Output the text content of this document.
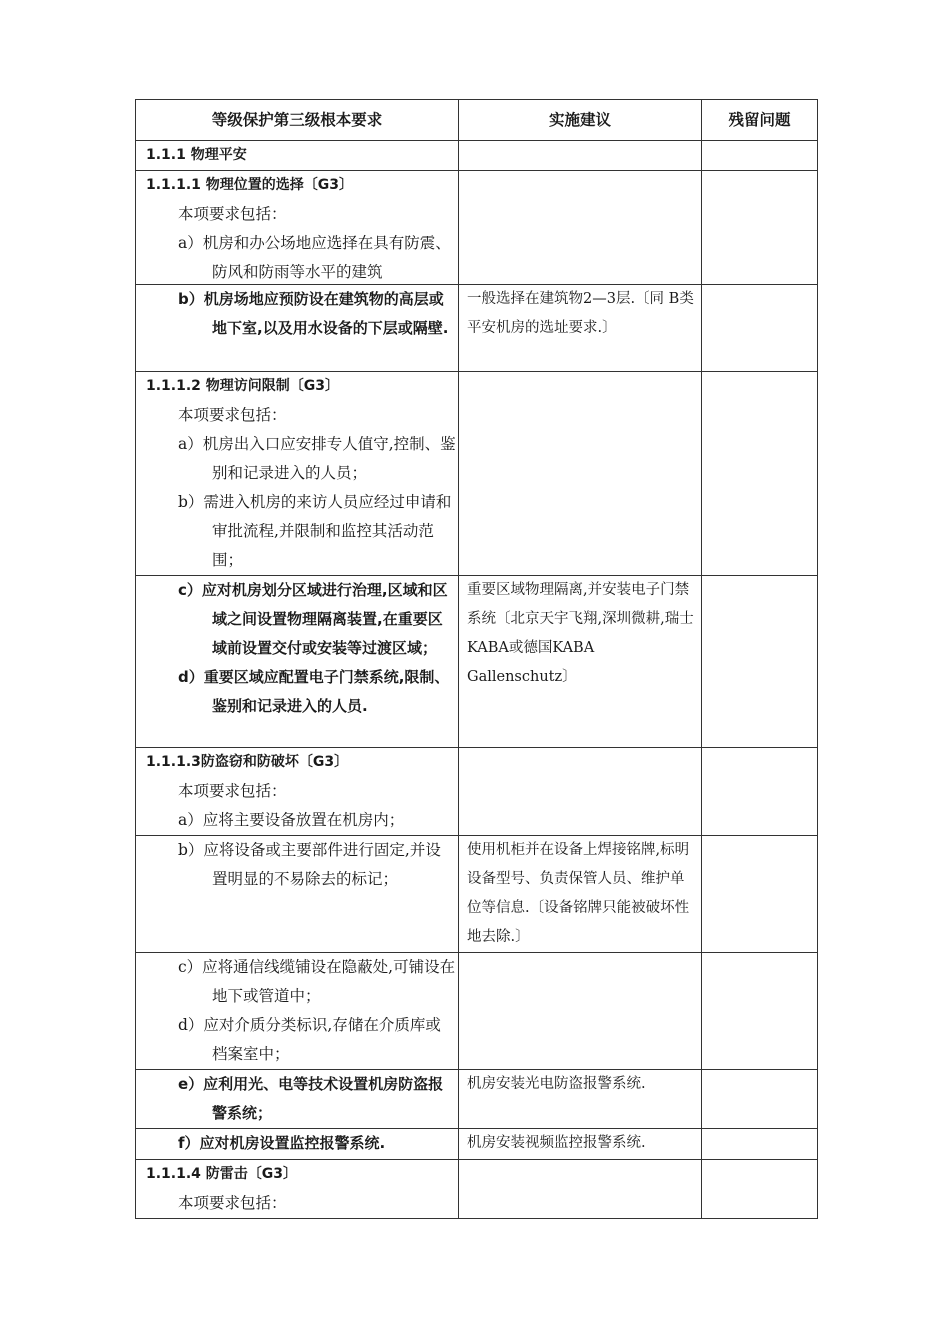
等级保护第三级根本要求	实施建议	残留问题

1.1.1 物理平安		

1.1.1.1 物理位置的选择〔G3〕
本项要求包括：
a）机房和办公场地应选择在具有防震、防风和防雨等水平的建筑		

b）机房场地应预防设在建筑物的高层或地下室,以及用水设备的下层或隔壁.	一般选择在建筑物2—3层.〔同 B类平安机房的选址要求.〕	

1.1.1.2 物理访问限制〔G3〕
本项要求包括：
a）机房出入口应安排专人值守,控制、鉴别和记录进入的人员；
b）需进入机房的来访人员应经过申请和审批流程,并限制和监控其活动范围；		

c）应对机房划分区域进行治理,区域和区域之间设置物理隔离装置,在重要区域前设置交付或安装等过渡区域；
d）重要区域应配置电子门禁系统,限制、鉴别和记录进入的人员.	重要区域物理隔离,并安装电子门禁系统〔北京天宇飞翔,深圳微耕,瑞士 KABA或德国KABA Gallenschutz〕	

1.1.1.3防盗窃和防破坏〔G3〕
本项要求包括：
a）应将主要设备放置在机房内；		

b）应将设备或主要部件进行固定,并设置明显的不易除去的标记；	使用机柜并在设备上焊接铭牌,标明设备型号、负责保管人员、维护单位等信息.〔设备铭牌只能被破坏性地去除.〕	

c）应将通信线缆铺设在隐蔽处,可铺设在地下或管道中；
d）应对介质分类标识,存储在介质库或档案室中；		

e）应利用光、电等技术设置机房防盗报警系统；	机房安装光电防盗报警系统.	

f）应对机房设置监控报警系统.	机房安装视频监控报警系统.	

1.1.1.4 防雷击〔G3〕
本项要求包括：		
